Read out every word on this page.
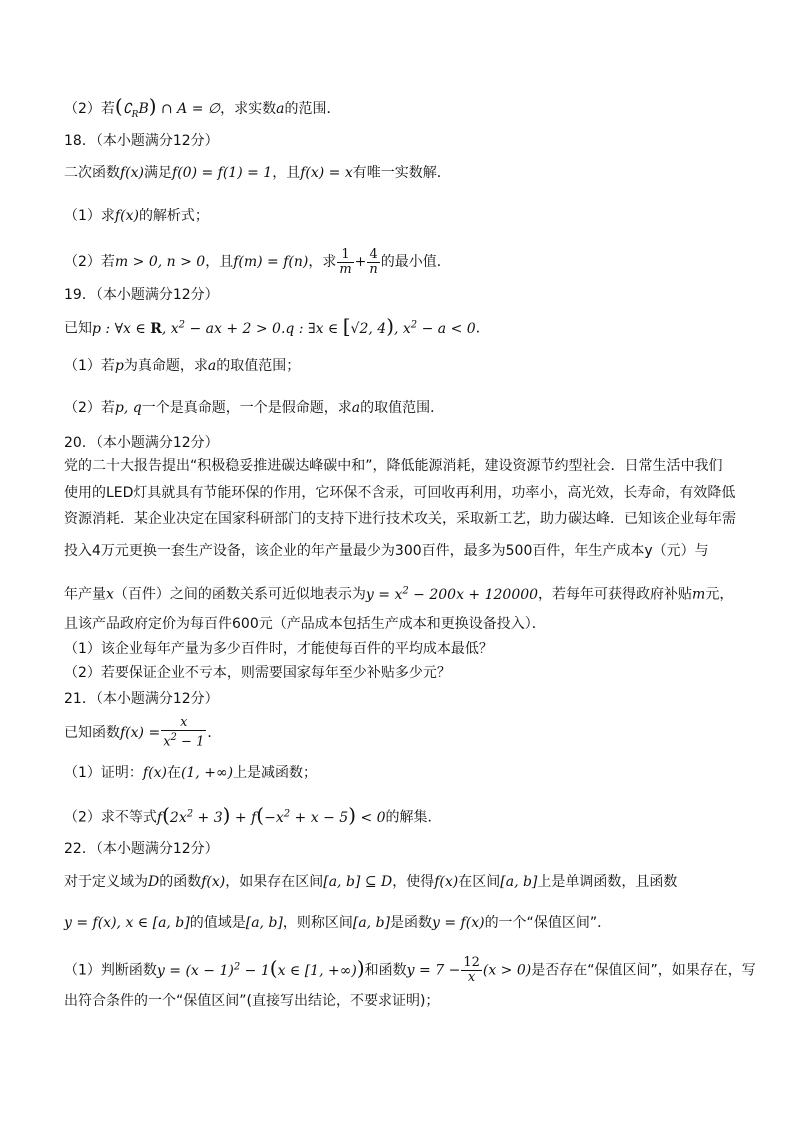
（2）若$(∁_RB)$ ∩ A = ∅，求实数a的范围．
18．（本小题满分12分）
二次函数f(x)满足f(0) = f(1) = 1，且f(x) = x有唯一实数解．
（1）求f(x)的解析式；
（2）若m > 0, n > 0，且f(m) = f(n)，求 $\frac{1}{m} + \frac{4}{n}$ 的最小值．
19．（本小题满分12分）
已知p : ∀x ∈ R, $x^2$ − ax + 2 > 0.q : ∃x ∈ [√2, 4), $x^2 - a < 0$．
（1）若p为真命题，求a的取值范围；
（2）若p, q一个是真命题，一个是假命题，求a的取值范围．
20．（本小题满分12分）
党的二十大报告提出“积极稳妥推进碳达峰碳中和”，降低能源消耗，建设资源节约型社会．日常生活中我们
使用的LED灯具就具有节能环保的作用，它环保不含汞，可回收再利用，功率小，高光效，长寿命，有效降低
资源消耗．某企业决定在国家科研部门的支持下进行技术攻关，采取新工艺，助力碳达峰．已知该企业每年需
投入4万元更换一套生产设备，该企业的年产量最少为300百件，最多为500百件，年生产成本y（元）与
年产量x（百件）之间的函数关系可近似地表示为$y = x^2 - 200x + 120000$，若每年可获得政府补贴m元，
且该产品政府定价为每百件600元（产品成本包括生产成本和更换设备投入）．
（1）该企业每年产量为多少百件时，才能使每百件的平均成本最低？
（2）若要保证企业不亏本，则需要国家每年至少补贴多少元？
21．（本小题满分12分）
已知函数$f(x) = \frac{x}{x^2 - 1}$ ．
（1）证明：f(x)在(1, +∞)上是减函数；
（2）求不等式$f(2x^2 + 3) + f(-x^2 + x - 5) < 0$的解集．
22．（本小题满分12分）
对于定义域为D的函数f(x)，如果存在区间[a, b] ⊆ D，使得f(x)在区间[a, b]上是单调函数，且函数
y = f(x), x ∈ [a, b]的值域是[a, b]，则称区间[a, b]是函数y = f(x)的一个“保值区间”．
（1）判断函数$y = (x - 1)^2 - 1(x$ ∈ [1, +∞))和函数$y = 7 - \frac{12}{x} (x > 0)$是否存在“保值区间”，如果存在，写
出符合条件的一个“保值区间”(直接写出结论，不要求证明)；
